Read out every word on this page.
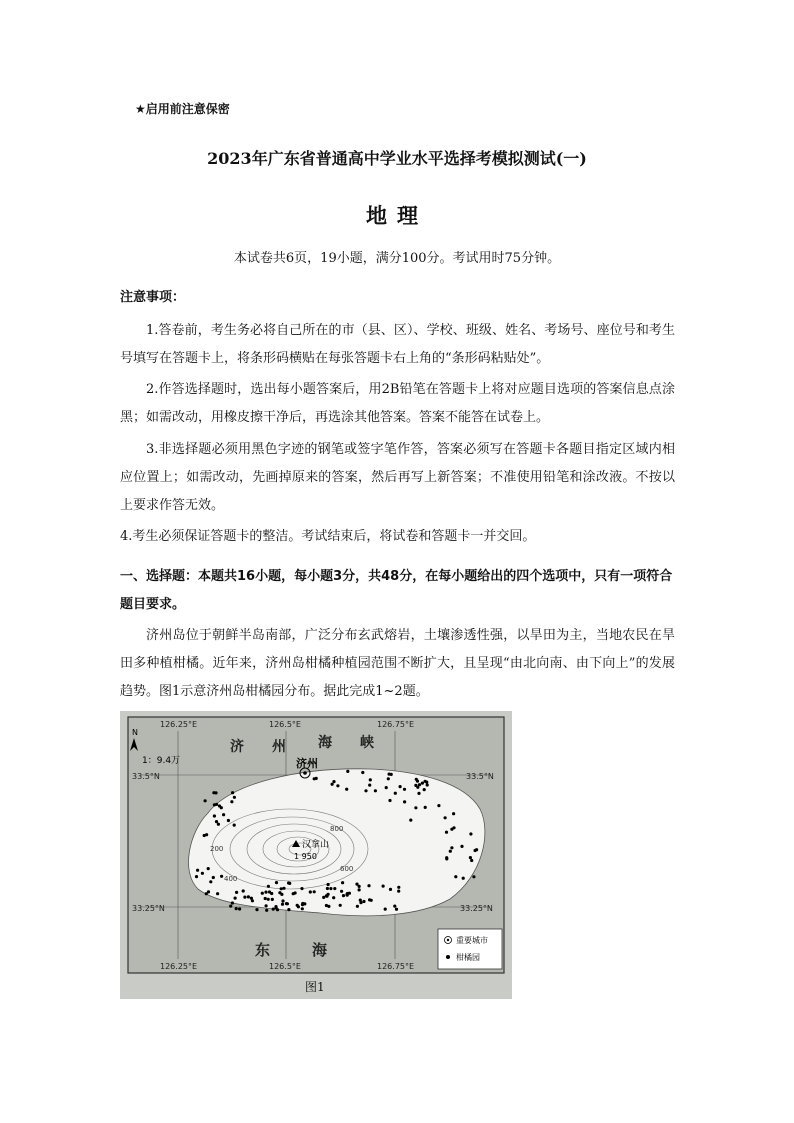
★启用前注意保密
2023年广东省普通高中学业水平选择考模拟测试(一)
地理
本试卷共6页，19小题，满分100分。考试用时75分钟。
注意事项：
1.答卷前，考生务必将自己所在的市（县、区）、学校、班级、姓名、考场号、座位号和考生号填写在答题卡上，将条形码横贴在每张答题卡右上角的“条形码粘贴处”。
2.作答选择题时，选出每小题答案后，用2B铅笔在答题卡上将对应题目选项的答案信息点涂黑；如需改动，用橡皮擦干净后，再选涂其他答案。答案不能答在试卷上。
3.非选择题必须用黑色字迹的钢笔或签字笔作答，答案必须写在答题卡各题目指定区域内相应位置上；如需改动，先画掉原来的答案，然后再写上新答案；不准使用铅笔和涂改液。不按以上要求作答无效。
4.考生必须保证答题卡的整洁。考试结束后，将试卷和答题卡一并交回。
一、选择题：本题共16小题，每小题3分，共48分，在每小题给出的四个选项中，只有一项符合题目要求。
济州岛位于朝鲜半岛南部，广泛分布玄武熔岩，土壤渗透性强，以旱田为主，当地农民在旱田多种植柑橘。近年来，济州岛柑橘种植园范围不断扩大，且呈现“由北向南、由下向上”的发展趋势。图1示意济州岛柑橘园分布。据此完成1~2题。
800
600
400
200	汉拿山
1 950
济州
126.25°E	126.5°E	126.75°E
126.25°E	126.5°E	126.75°E
33.5°N	33.5°N
33.25°N	33.25°N
N
1：9.4万
济 州 海 峡
东	海
重要城市
柑橘园
图1
